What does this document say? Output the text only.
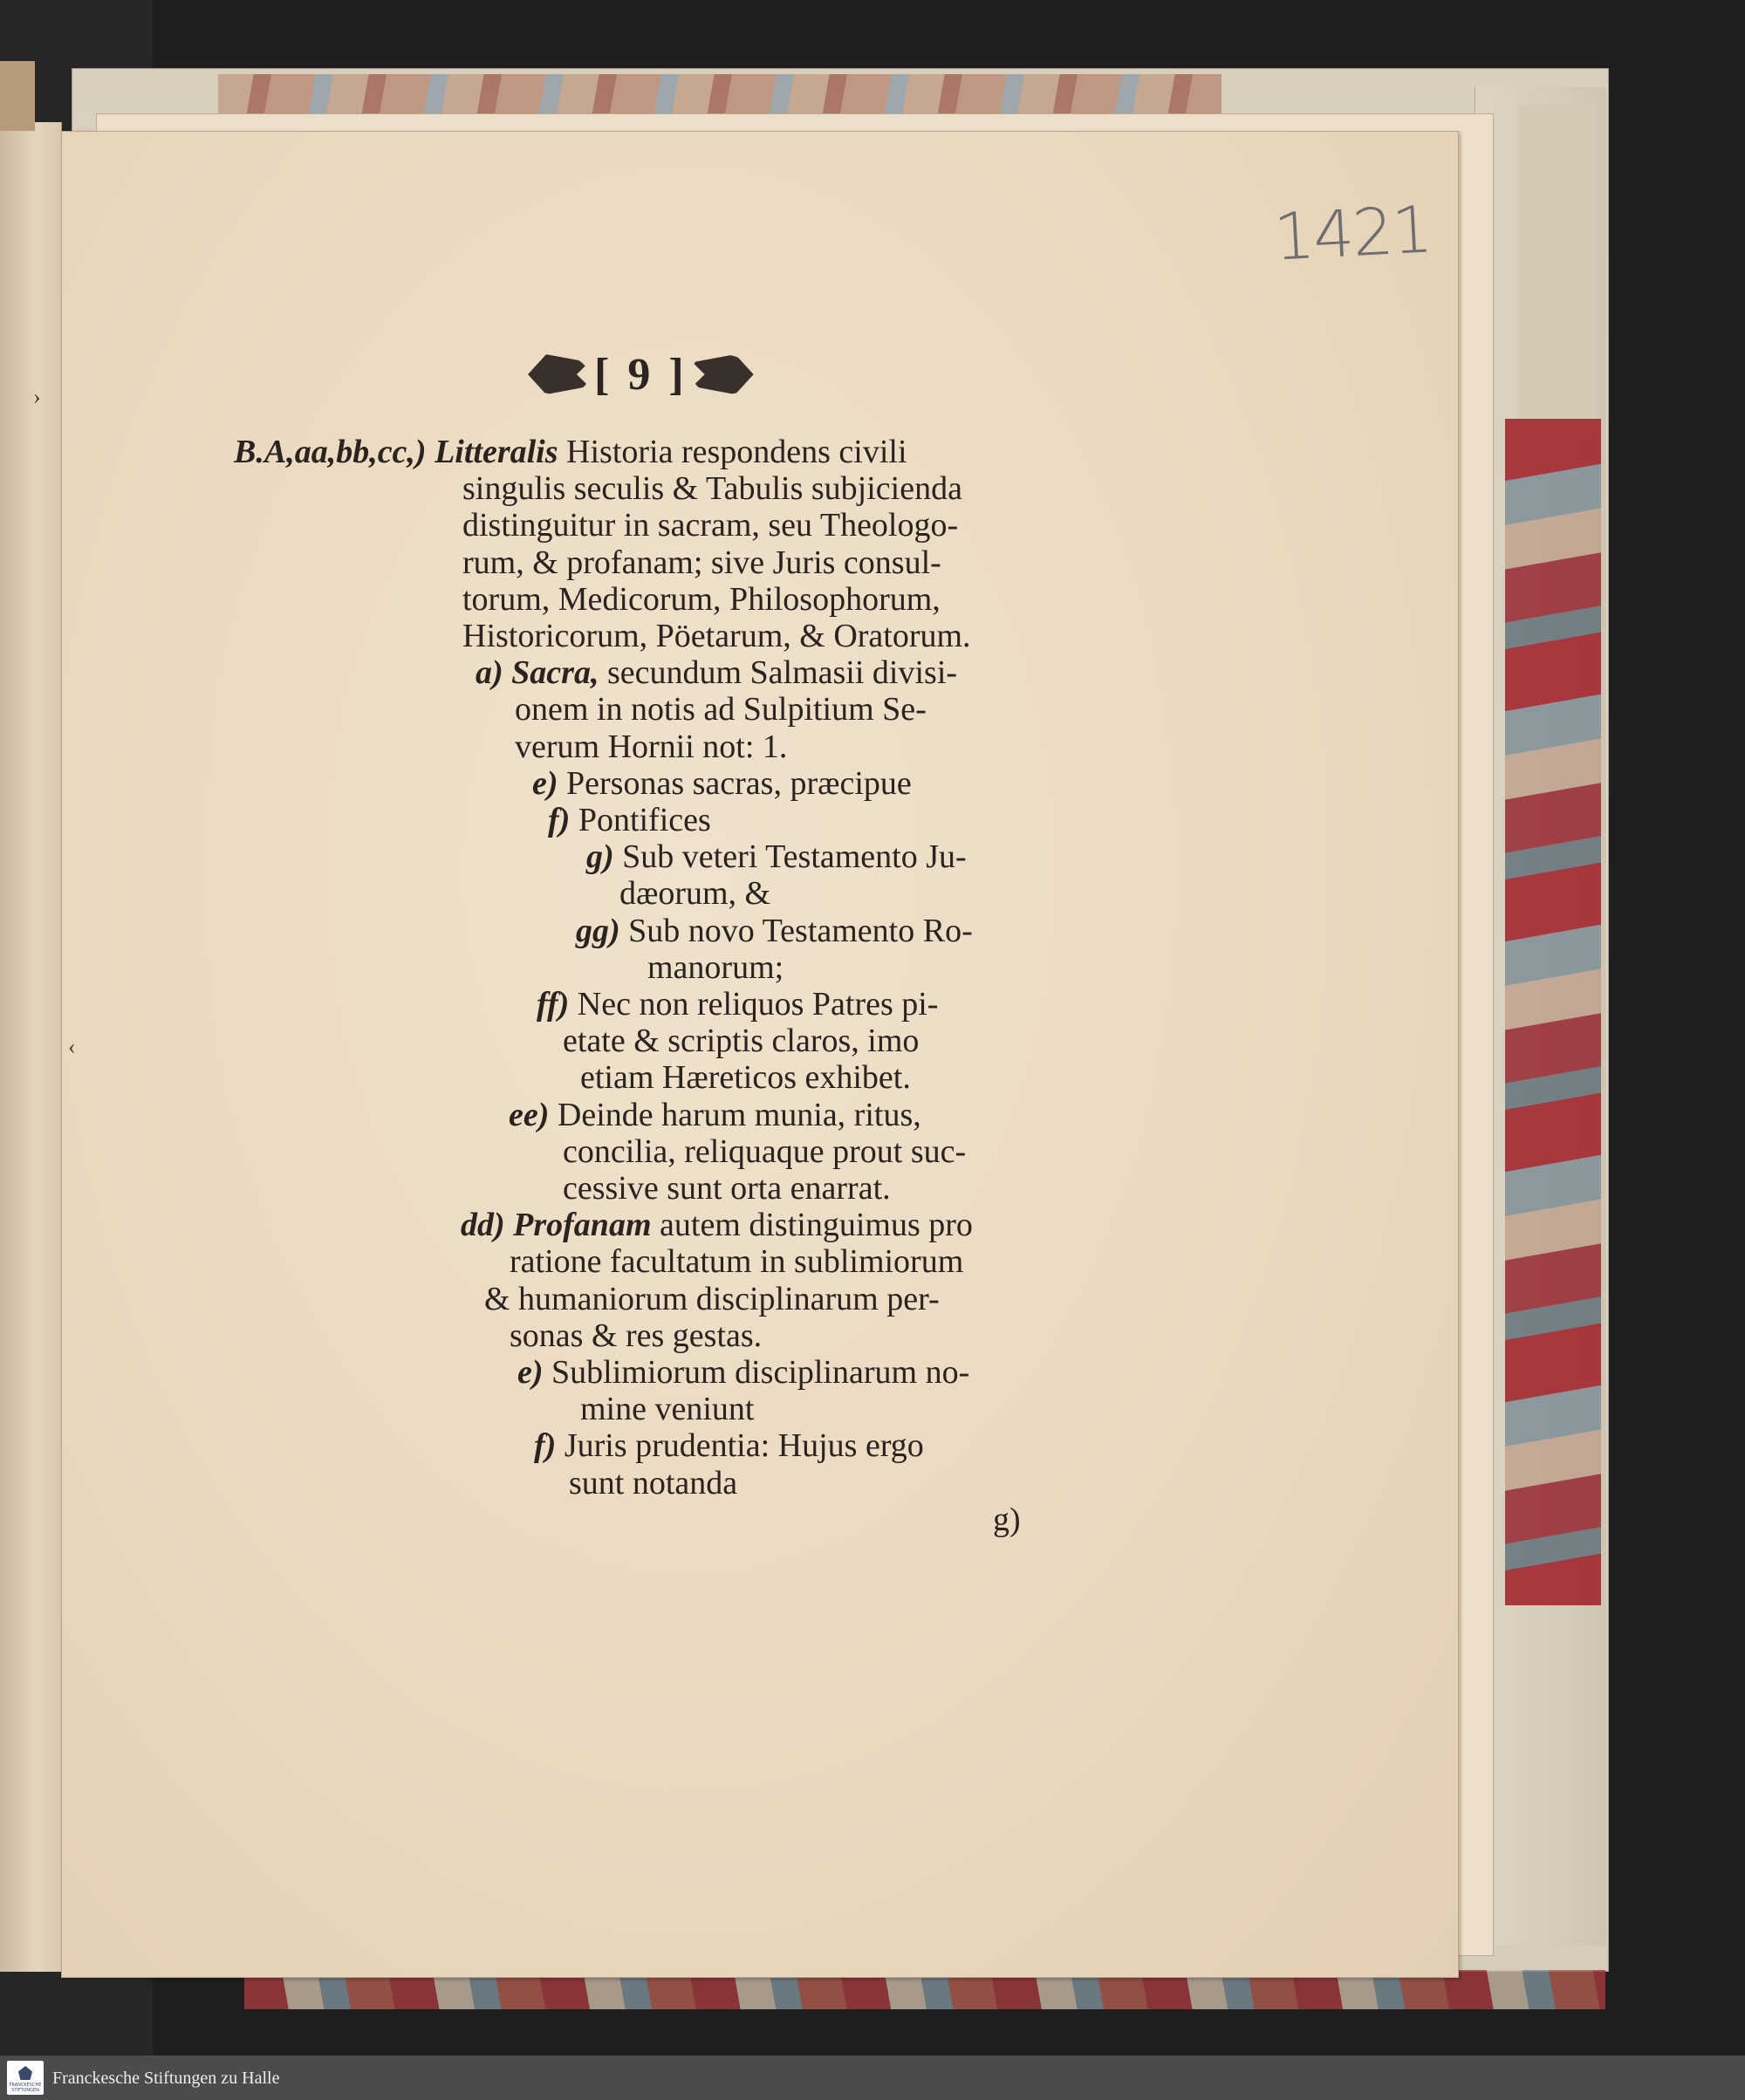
1421
[ 9 ]
›
‹
B.A,aa,bb,cc,) Litteralis Historia respondens civili
singulis seculis & Tabulis subjicienda
distinguitur in sacram, seu Theologo-
rum, & profanam; sive Juris consul-
torum, Medicorum, Philosophorum,
Historicorum, Pöetarum, & Oratorum.
a) Sacra, secundum Salmasii divisi-
onem in notis ad Sulpitium Se-
verum Hornii not: 1.
e) Personas sacras, præcipue
f) Pontifices
g) Sub veteri Testamento Ju-
dæorum, &
gg) Sub novo Testamento Ro-
manorum;
ff) Nec non reliquos Patres pi-
etate & scriptis claros, imo
etiam Hæreticos exhibet.
ee) Deinde harum munia, ritus,
concilia, reliquaque prout suc-
cessive sunt orta enarrat.
dd) Profanam autem distinguimus pro
ratione facultatum in sublimiorum
& humaniorum disciplinarum per-
sonas & res gestas.
e) Sublimiorum disciplinarum no-
mine veniunt
f) Juris prudentia: Hujus ergo
sunt notanda
g)
FRANCKESCHE STIFTUNGEN
Franckesche Stiftungen zu Halle
